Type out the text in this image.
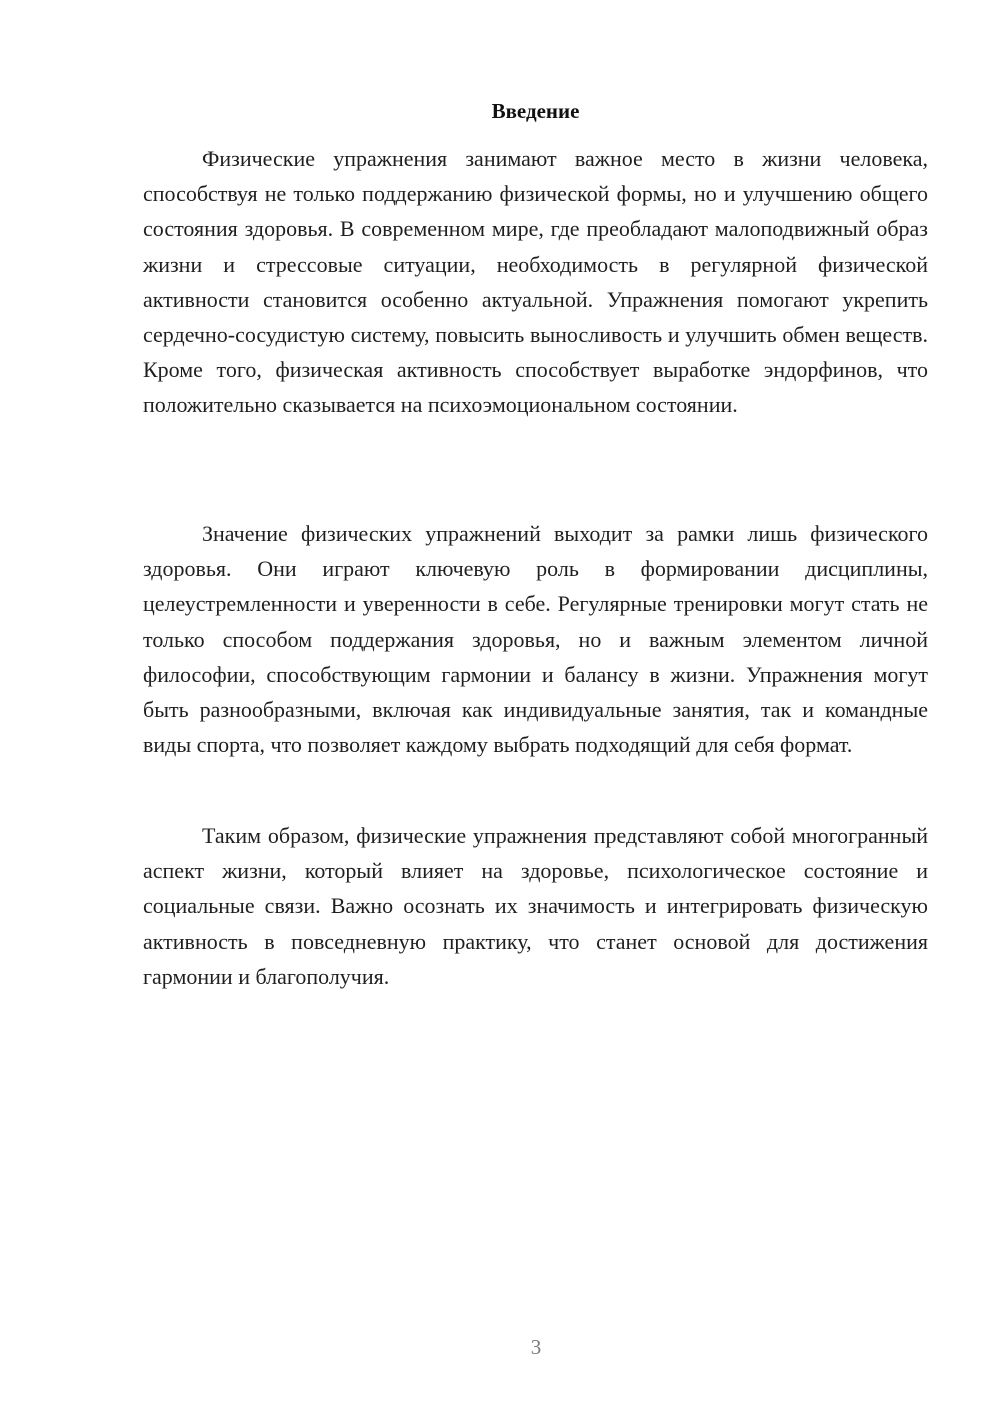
Введение

Физические упражнения занимают важное место в жизни человека, способствуя не только поддержанию физической формы, но и улучшению общего состояния здоровья. В современном мире, где преобладают малоподвижный образ жизни и стрессовые ситуации, необходимость в регулярной физической активности становится особенно актуальной. Упражнения помогают укрепить сердечно-сосудистую систему, повысить выносливость и улучшить обмен веществ. Кроме того, физическая активность способствует выработке эндорфинов, что положительно сказывается на психоэмоциональном состоянии.

Значение физических упражнений выходит за рамки лишь физического здоровья. Они играют ключевую роль в формировании дисциплины, целеустремленности и уверенности в себе. Регулярные тренировки могут стать не только способом поддержания здоровья, но и важным элементом личной философии, способствующим гармонии и балансу в жизни. Упражнения могут быть разнообразными, включая как индивидуальные занятия, так и командные виды спорта, что позволяет каждому выбрать подходящий для себя формат.

Таким образом, физические упражнения представляют собой многогранный аспект жизни, который влияет на здоровье, психологическое состояние и социальные связи. Важно осознать их значимость и интегрировать физическую активность в повседневную практику, что станет основой для достижения гармонии и благополучия.

3
